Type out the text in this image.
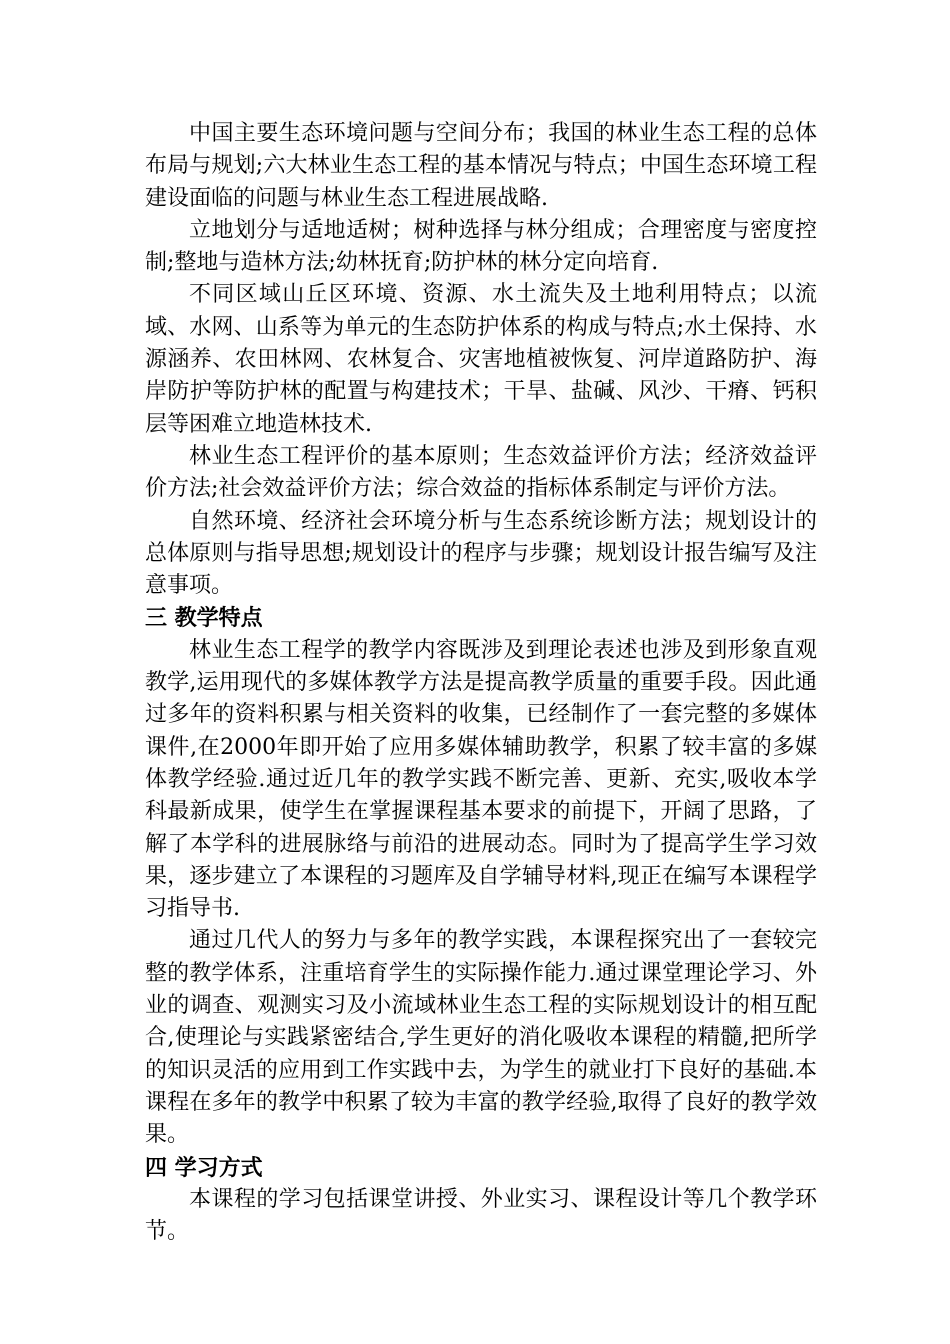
中国主要生态环境问题与空间分布；我国的林业生态工程的总体布局与规划;六大林业生态工程的基本情况与特点；中国生态环境工程建设面临的问题与林业生态工程进展战略.

立地划分与适地适树；树种选择与林分组成；合理密度与密度控制;整地与造林方法;幼林抚育;防护林的林分定向培育.

不同区域山丘区环境、资源、水土流失及土地利用特点；以流域、水网、山系等为单元的生态防护体系的构成与特点;水土保持、水源涵养、农田林网、农林复合、灾害地植被恢复、河岸道路防护、海岸防护等防护林的配置与构建技术；干旱、盐碱、风沙、干瘠、钙积层等困难立地造林技术.

林业生态工程评价的基本原则；生态效益评价方法；经济效益评价方法;社会效益评价方法；综合效益的指标体系制定与评价方法。

自然环境、经济社会环境分析与生态系统诊断方法；规划设计的总体原则与指导思想;规划设计的程序与步骤；规划设计报告编写及注意事项。

三 教学特点

林业生态工程学的教学内容既涉及到理论表述也涉及到形象直观教学,运用现代的多媒体教学方法是提高教学质量的重要手段。因此通过多年的资料积累与相关资料的收集，已经制作了一套完整的多媒体课件,在2000年即开始了应用多媒体辅助教学，积累了较丰富的多媒体教学经验.通过近几年的教学实践不断完善、更新、充实,吸收本学科最新成果，使学生在掌握课程基本要求的前提下，开阔了思路，了解了本学科的进展脉络与前沿的进展动态。同时为了提高学生学习效果，逐步建立了本课程的习题库及自学辅导材料,现正在编写本课程学习指导书.

通过几代人的努力与多年的教学实践，本课程探究出了一套较完整的教学体系，注重培育学生的实际操作能力.通过课堂理论学习、外业的调查、观测实习及小流域林业生态工程的实际规划设计的相互配合,使理论与实践紧密结合,学生更好的消化吸收本课程的精髓,把所学的知识灵活的应用到工作实践中去，为学生的就业打下良好的基础.本课程在多年的教学中积累了较为丰富的教学经验,取得了良好的教学效果。

四 学习方式

本课程的学习包括课堂讲授、外业实习、课程设计等几个教学环节。
